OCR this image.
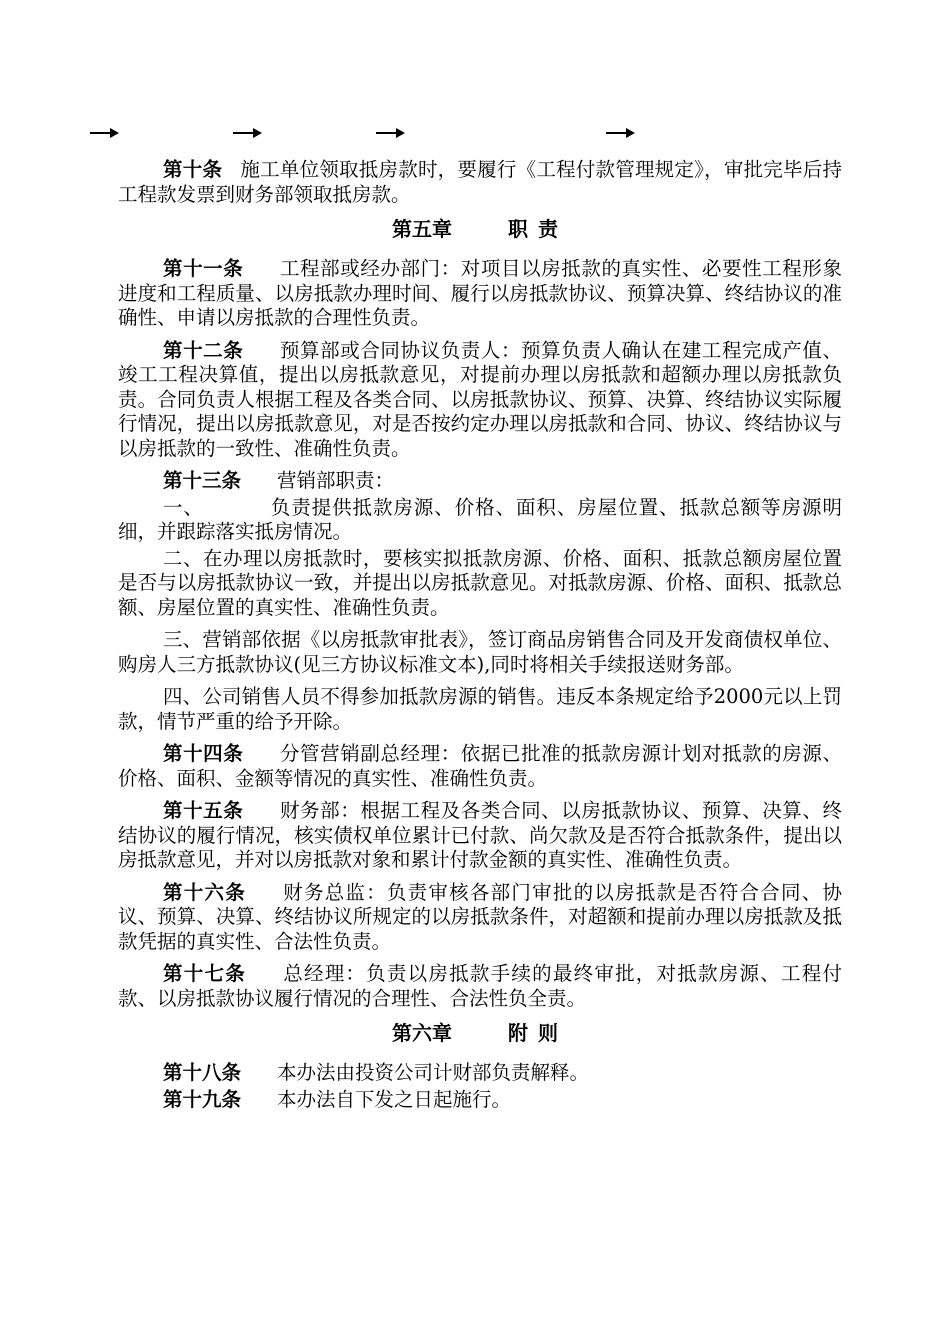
第十条 施工单位领取抵房款时，要履行《工程付款管理规定》，审批完毕后持工程款发票到财务部领取抵房款。

第五章	职责

第十一条 工程部或经办部门：对项目以房抵款的真实性、必要性工程形象进度和工程质量、以房抵款办理时间、履行以房抵款协议、预算决算、终结协议的准确性、申请以房抵款的合理性负责。

第十二条 预算部或合同协议负责人：预算负责人确认在建工程完成产值、竣工工程决算值，提出以房抵款意见，对提前办理以房抵款和超额办理以房抵款负责。合同负责人根据工程及各类合同、以房抵款协议、预算、决算、终结协议实际履行情况，提出以房抵款意见，对是否按约定办理以房抵款和合同、协议、终结协议与以房抵款的一致性、准确性负责。

第十三条 营销部职责：

一、	负责提供抵款房源、价格、面积、房屋位置、抵款总额等房源明细，并跟踪落实抵房情况。

二、在办理以房抵款时，要核实拟抵款房源、价格、面积、抵款总额房屋位置是否与以房抵款协议一致，并提出以房抵款意见。对抵款房源、价格、面积、抵款总额、房屋位置的真实性、准确性负责。

三、营销部依据《以房抵款审批表》，签订商品房销售合同及开发商债权单位、购房人三方抵款协议(见三方协议标准文本),同时将相关手续报送财务部。

四、公司销售人员不得参加抵款房源的销售。违反本条规定给予2000元以上罚款，情节严重的给予开除。

第十四条 分管营销副总经理：依据已批准的抵款房源计划对抵款的房源、价格、面积、金额等情况的真实性、准确性负责。

第十五条 财务部：根据工程及各类合同、以房抵款协议、预算、决算、终结协议的履行情况，核实债权单位累计已付款、尚欠款及是否符合抵款条件，提出以房抵款意见，并对以房抵款对象和累计付款金额的真实性、准确性负责。

第十六条 财务总监：负责审核各部门审批的以房抵款是否符合合同、协议、预算、决算、终结协议所规定的以房抵款条件，对超额和提前办理以房抵款及抵款凭据的真实性、合法性负责。

第十七条 总经理：负责以房抵款手续的最终审批，对抵款房源、工程付款、以房抵款协议履行情况的合理性、合法性负全责。

第六章	附则

第十八条 本办法由投资公司计财部负责解释。

第十九条 本办法自下发之日起施行。
